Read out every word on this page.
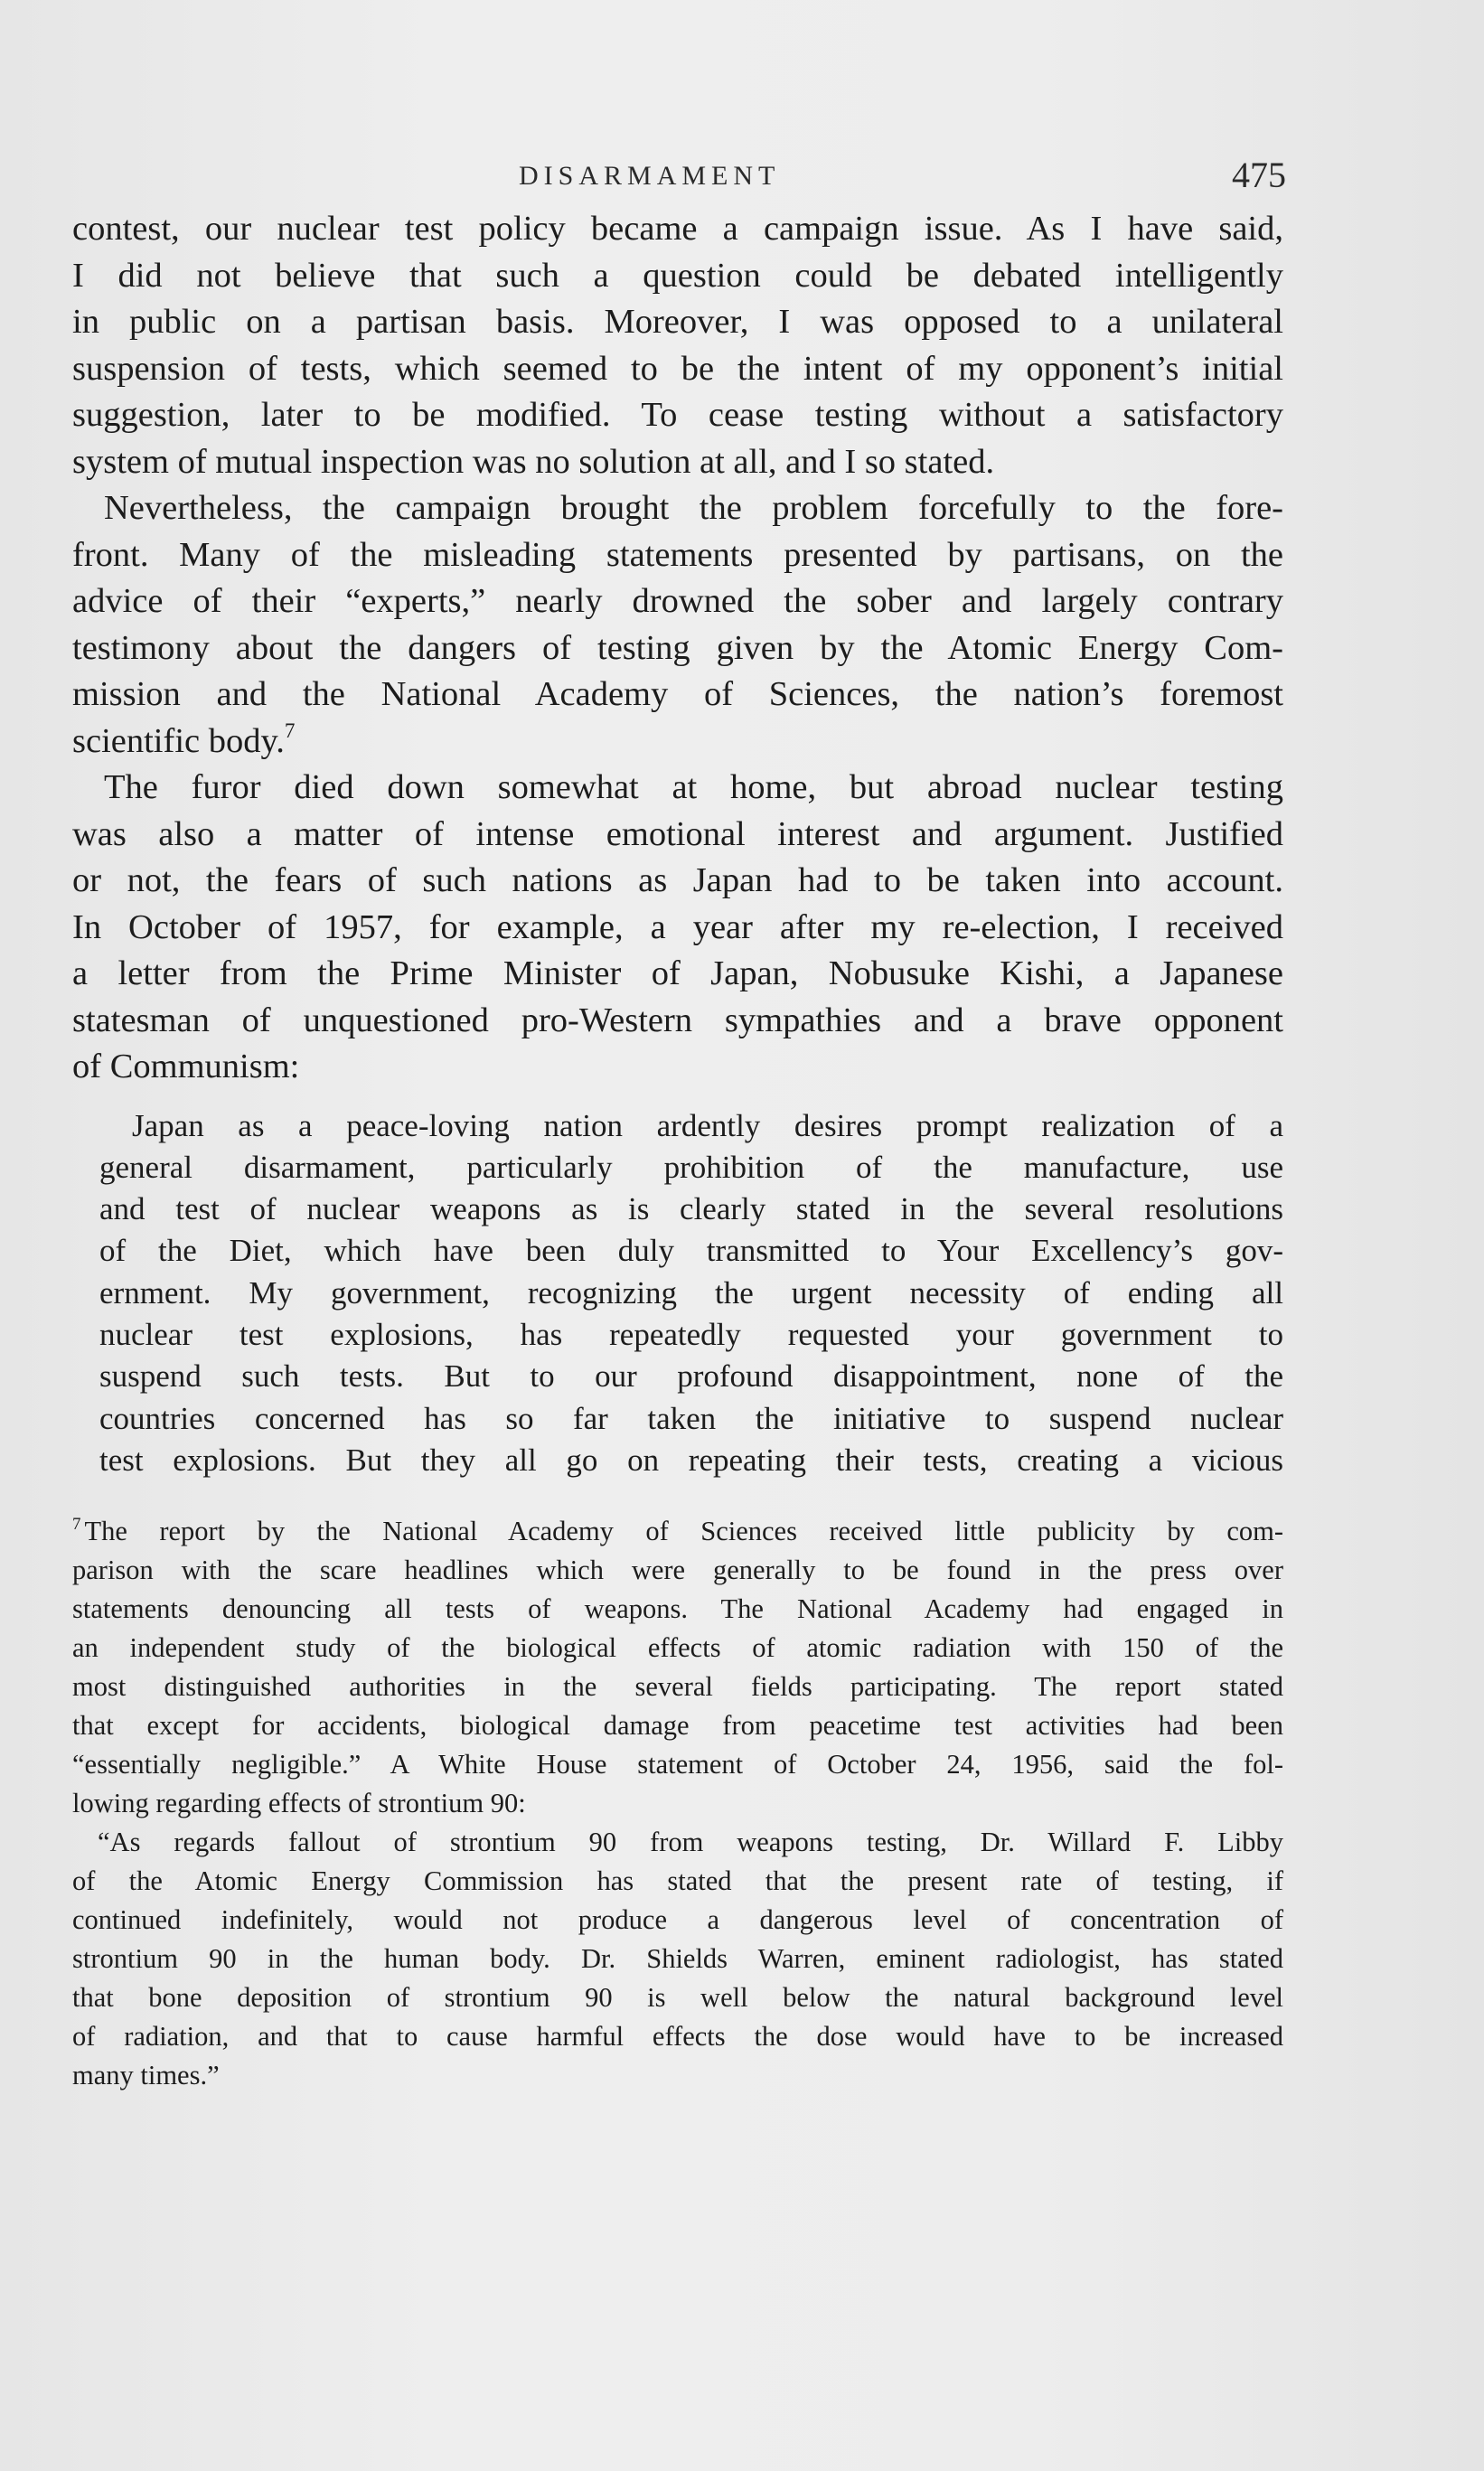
DISARMAMENT	475

contest, our nuclear test policy became a campaign issue. As I have said,
I did not believe that such a question could be debated intelligently
in public on a partisan basis. Moreover, I was opposed to a unilateral
suspension of tests, which seemed to be the intent of my opponent’s initial
suggestion, later to be modified. To cease testing without a satisfactory
system of mutual inspection was no solution at all, and I so stated.

Nevertheless, the campaign brought the problem forcefully to the fore-
front. Many of the misleading statements presented by partisans, on the
advice of their “experts,” nearly drowned the sober and largely contrary
testimony about the dangers of testing given by the Atomic Energy Com-
mission and the National Academy of Sciences, the nation’s foremost
scientific body.$^7$

The furor died down somewhat at home, but abroad nuclear testing
was also a matter of intense emotional interest and argument. Justified
or not, the fears of such nations as Japan had to be taken into account.
In October of 1957, for example, a year after my re-election, I received
a letter from the Prime Minister of Japan, Nobusuke Kishi, a Japanese
statesman of unquestioned pro-Western sympathies and a brave opponent
of Communism:

Japan as a peace-loving nation ardently desires prompt realization of a
general disarmament, particularly prohibition of the manufacture, use
and test of nuclear weapons as is clearly stated in the several resolutions
of the Diet, which have been duly transmitted to Your Excellency’s gov-
ernment. My government, recognizing the urgent necessity of ending all
nuclear test explosions, has repeatedly requested your government to
suspend such tests. But to our profound disappointment, none of the
countries concerned has so far taken the initiative to suspend nuclear
test explosions. But they all go on repeating their tests, creating a vicious

$^7$ The report by the National Academy of Sciences received little publicity by com-
parison with the scare headlines which were generally to be found in the press over
statements denouncing all tests of weapons. The National Academy had engaged in
an independent study of the biological effects of atomic radiation with 150 of the
most distinguished authorities in the several fields participating. The report stated
that except for accidents, biological damage from peacetime test activities had been
“essentially negligible.” A White House statement of October 24, 1956, said the fol-
lowing regarding effects of strontium 90:

“As regards fallout of strontium 90 from weapons testing, Dr. Willard F. Libby
of the Atomic Energy Commission has stated that the present rate of testing, if
continued indefinitely, would not produce a dangerous level of concentration of
strontium 90 in the human body. Dr. Shields Warren, eminent radiologist, has stated
that bone deposition of strontium 90 is well below the natural background level
of radiation, and that to cause harmful effects the dose would have to be increased
many times.”
